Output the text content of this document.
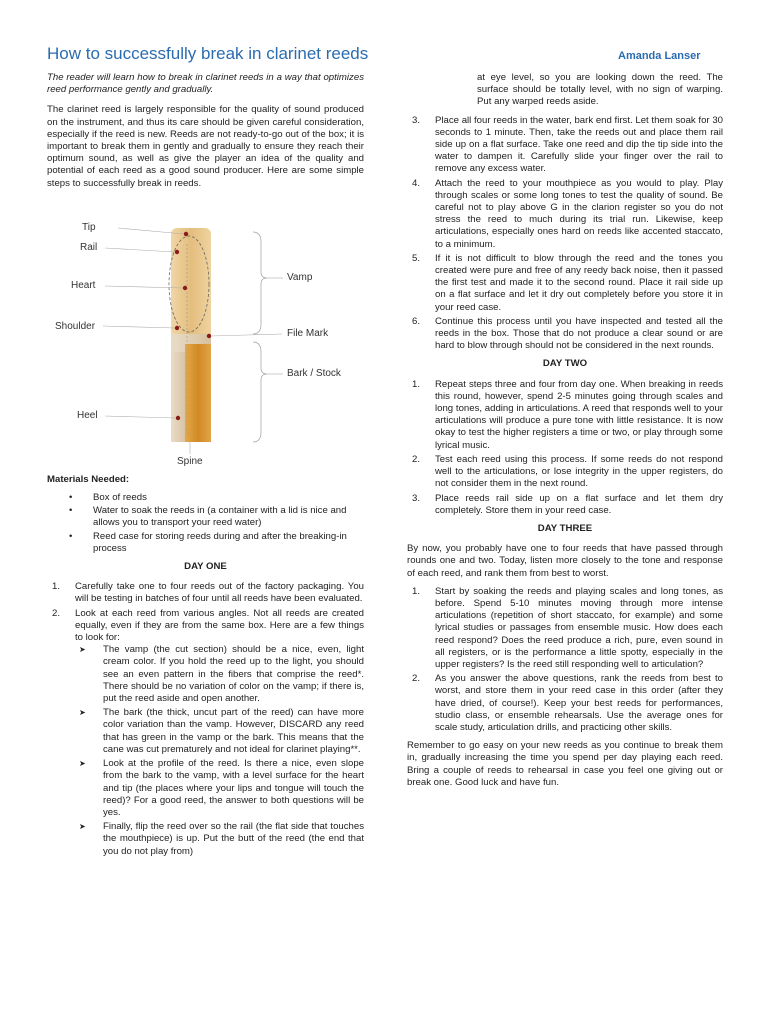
How to successfully break in clarinet reeds	Amanda Lanser

The reader will learn how to break in clarinet reeds in a way that optimizes reed performance gently and gradually.

The clarinet reed is largely responsible for the quality of sound produced on the instrument, and thus its care should be given careful consideration, especially if the reed is new. Reeds are not ready-to-go out of the box; it is important to break them in gently and gradually to ensure they reach their optimum sound, as well as give the player an idea of the quality and potential of each reed as a good sound producer. Here are some simple steps to successfully break in reeds.

Tip
Rail
Heart
Shoulder
Heel
Vamp
File Mark
Bark / Stock
Spine
Materials Needed:
• Box of reeds
• Water to soak the reeds in (a container with a lid is nice and allows you to transport your reed water)
• Reed case for storing reeds during and after the breaking-in process
DAY ONE
1. Carefully take one to four reeds out of the factory packaging. You will be testing in batches of four until all reeds have been evaluated.
2. Look at each reed from various angles. Not all reeds are created equally, even if they are from the same box. Here are a few things to look for:
➤ The vamp (the cut section) should be a nice, even, light cream color. If you hold the reed up to the light, you should see an even pattern in the fibers that comprise the reed*. There should be no variation of color on the vamp; if there is, put the reed aside and open another.
➤ The bark (the thick, uncut part of the reed) can have more color variation than the vamp. However, DISCARD any reed that has green in the vamp or the bark. This means that the cane was cut prematurely and not ideal for clarinet playing**.
➤ Look at the profile of the reed. Is there a nice, even slope from the bark to the vamp, with a level surface for the heart and tip (the places where your lips and tongue will touch the reed)? For a good reed, the answer to both questions will be yes.
➤ Finally, flip the reed over so the rail (the flat side that touches the mouthpiece) is up. Put the butt of the reed (the end that you do not play from)
at eye level, so you are looking down the reed. The surface should be totally level, with no sign of warping. Put any warped reeds aside.
3. Place all four reeds in the water, bark end first. Let them soak for 30 seconds to 1 minute. Then, take the reeds out and place them rail side up on a flat surface. Take one reed and dip the tip side into the water to dampen it. Carefully slide your finger over the rail to remove any excess water.
4. Attach the reed to your mouthpiece as you would to play. Play through scales or some long tones to test the quality of sound. Be careful not to play above G in the clarion register so you do not stress the reed to much during its trial run. Likewise, keep articulations, especially ones hard on reeds like accented staccato, to a minimum.
5. If it is not difficult to blow through the reed and the tones you created were pure and free of any reedy back noise, then it passed the first test and made it to the second round. Place it rail side up on a flat surface and let it dry out completely before you store it in your reed case.
6. Continue this process until you have inspected and tested all the reeds in the box. Those that do not produce a clear sound or are hard to blow through should not be considered in the next rounds.
DAY TWO
1. Repeat steps three and four from day one. When breaking in reeds this round, however, spend 2-5 minutes going through scales and long tones, adding in articulations. A reed that responds well to your articulations will produce a pure tone with little resistance. It is now okay to test the higher registers a time or two, or play through some lyrical music.
2. Test each reed using this process. If some reeds do not respond well to the articulations, or lose integrity in the upper registers, do not consider them in the next round.
3. Place reeds rail side up on a flat surface and let them dry completely. Store them in your reed case.
DAY THREE

By now, you probably have one to four reeds that have passed through rounds one and two. Today, listen more closely to the tone and response of each reed, and rank them from best to worst.

1. Start by soaking the reeds and playing scales and long tones, as before. Spend 5-10 minutes moving through more intense articulations (repetition of short staccato, for example) and some lyrical studies or passages from ensemble music. How does each reed respond? Does the reed produce a rich, pure, even sound in all registers, or is the performance a little spotty, especially in the upper registers? Is the reed still responding well to articulation?
2. As you answer the above questions, rank the reeds from best to worst, and store them in your reed case in this order (after they have dried, of course!). Keep your best reeds for performances, studio class, or ensemble rehearsals. Use the average ones for scale study, articulation drills, and practicing other skills.

Remember to go easy on your new reeds as you continue to break them in, gradually increasing the time you spend per day playing each reed. Bring a couple of reeds to rehearsal in case you feel one giving out or break one. Good luck and have fun.
